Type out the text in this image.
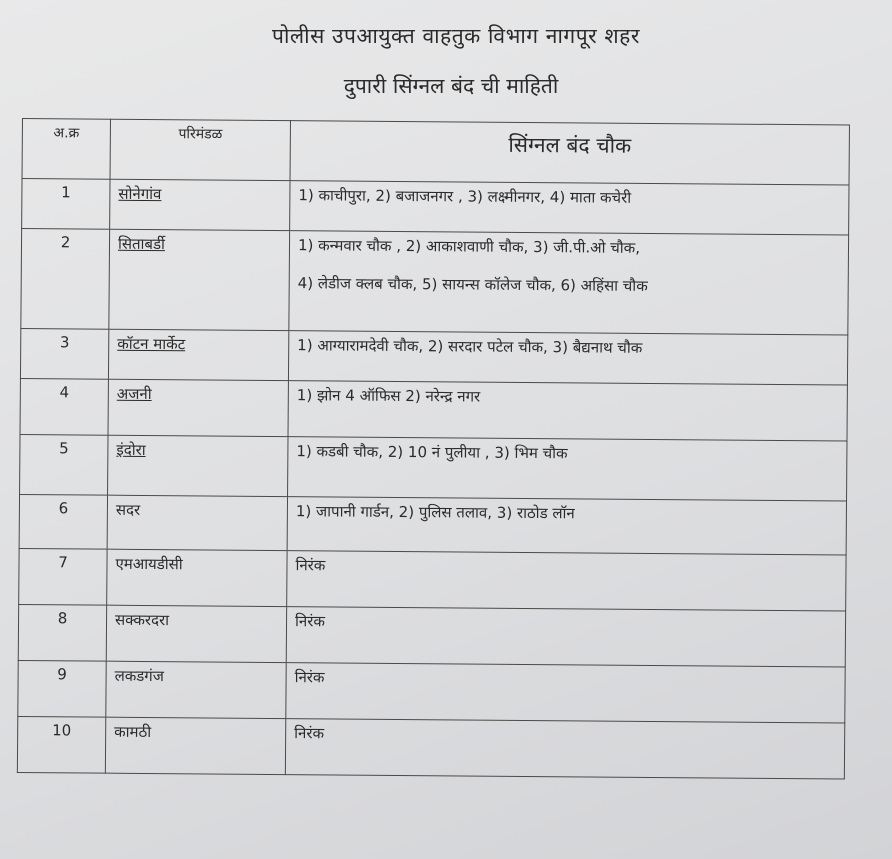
पोलीस उपआयुक्त वाहतुक विभाग नागपूर शहर
दुपारी सिंग्नल बंद ची माहिती
अ.क्र	परिमंडळ	सिंग्नल बंद चौक
1	सोनेगांव	1) काचीपुरा, 2) बजाजनगर , 3) लक्ष्मीनगर, 4) माता कचेरी

2	सिताबर्डी	1) कन्मवार चौक , 2) आकाशवाणी चौक, 3) जी.पी.ओ चौक,
4) लेडीज क्लब चौक, 5) सायन्स कॉलेज चौक, 6) अहिंसा चौक

3	कॉटन मार्केट	1) आग्यारामदेवी चौक, 2) सरदार पटेल चौक, 3) बैद्यनाथ चौक

4	अजनी	1) झोन 4 ऑफिस 2) नरेन्द्र नगर

5	इंदोरा	1) कडबी चौक, 2) 10 नं पुलीया , 3) भिम चौक

6	सदर	1) जापानी गार्डन, 2) पुलिस तलाव, 3) राठोड लॉन

7	एमआयडीसी	निरंक

8	सक्करदरा	निरंक

9	लकडगंज	निरंक

10	कामठी	निरंक
